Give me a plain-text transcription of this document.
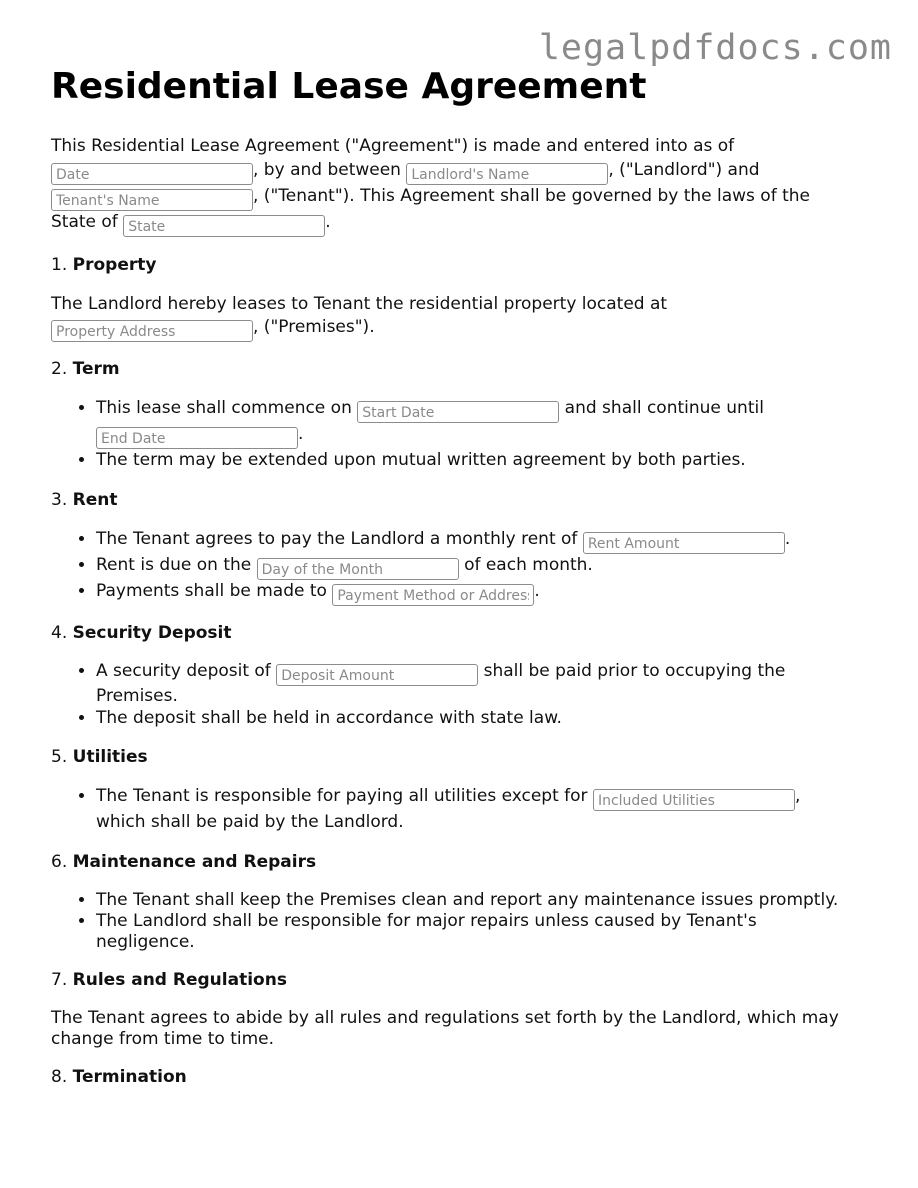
legalpdfdocs.com
Residential Lease Agreement

This Residential Lease Agreement ("Agreement") is made and entered into as of
Date, by and between Landlord's Name	, ("Landlord") and
Tenant's Name, ("Tenant"). This Agreement shall be governed by the laws of the
State of State	.

1. Property

The Landlord hereby leases to Tenant the residential property located at
Property Address, ("Premises").

2. Term
• This lease shall commence on Start Date	and shall continue until
End Date.
• The term may be extended upon mutual written agreement by both parties.
3. Rent
• The Tenant agrees to pay the Landlord a monthly rent of Rent Amount	.
• Rent is due on the Day of the Month	of each month.
• Payments shall be made to Payment Method or Address	.
4. Security Deposit
• A security deposit of Deposit Amount	shall be paid prior to occupying the Premises.
• The deposit shall be held in accordance with state law.
5. Utilities
• The Tenant is responsible for paying all utilities except for Included Utilities	,
which shall be paid by the Landlord.
6. Maintenance and Repairs
• The Tenant shall keep the Premises clean and report any maintenance issues promptly.
• The Landlord shall be responsible for major repairs unless caused by Tenant's negligence.
7. Rules and Regulations

The Tenant agrees to abide by all rules and regulations set forth by the Landlord, which may change from time to time.

8. Termination
